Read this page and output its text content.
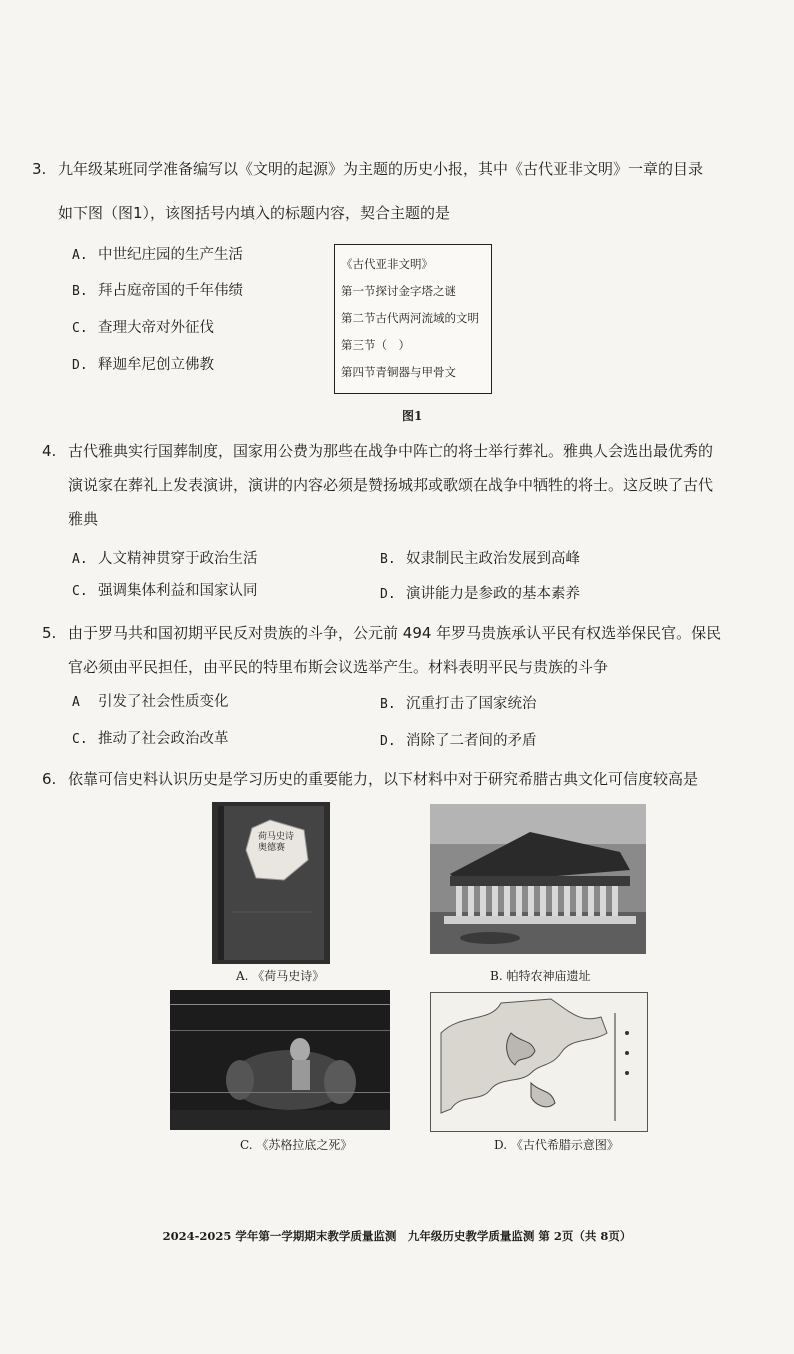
3. 九年级某班同学准备编写以《文明的起源》为主题的历史小报，其中《古代亚非文明》一章的目录
如下图（图1），该图括号内填入的标题内容，契合主题的是
A. 中世纪庄园的生产生活
B. 拜占庭帝国的千年伟绩
C. 查理大帝对外征伐
D. 释迦牟尼创立佛教
《古代亚非文明》
第一节探讨金字塔之谜
第二节古代两河流域的文明
第三节（　）
第四节青铜器与甲骨文
图1
4. 古代雅典实行国葬制度，国家用公费为那些在战争中阵亡的将士举行葬礼。雅典人会选出最优秀的
演说家在葬礼上发表演讲，演讲的内容必须是赞扬城邦或歌颂在战争中牺牲的将士。这反映了古代
雅典
A. 人文精神贯穿于政治生活	B. 奴隶制民主政治发展到高峰
C. 强调集体利益和国家认同	D. 演讲能力是参政的基本素养
5. 由于罗马共和国初期平民反对贵族的斗争，公元前 494 年罗马贵族承认平民有权选举保民官。保民
官必须由平民担任，由平民的特里布斯会议选举产生。材料表明平民与贵族的斗争
A 引发了社会性质变化	B. 沉重打击了国家统治
C. 推动了社会政治改革	D. 消除了二者间的矛盾
6. 依靠可信史料认识历史是学习历史的重要能力，以下材料中对于研究希腊古典文化可信度较高是
荷马史诗 奥德赛
A. 《荷马史诗》	B. 帕特农神庙遗址
C. 《苏格拉底之死》	D. 《古代希腊示意图》
2024-2025 学年第一学期期末教学质量监测　九年级历史教学质量监测 第 2页（共 8页）
